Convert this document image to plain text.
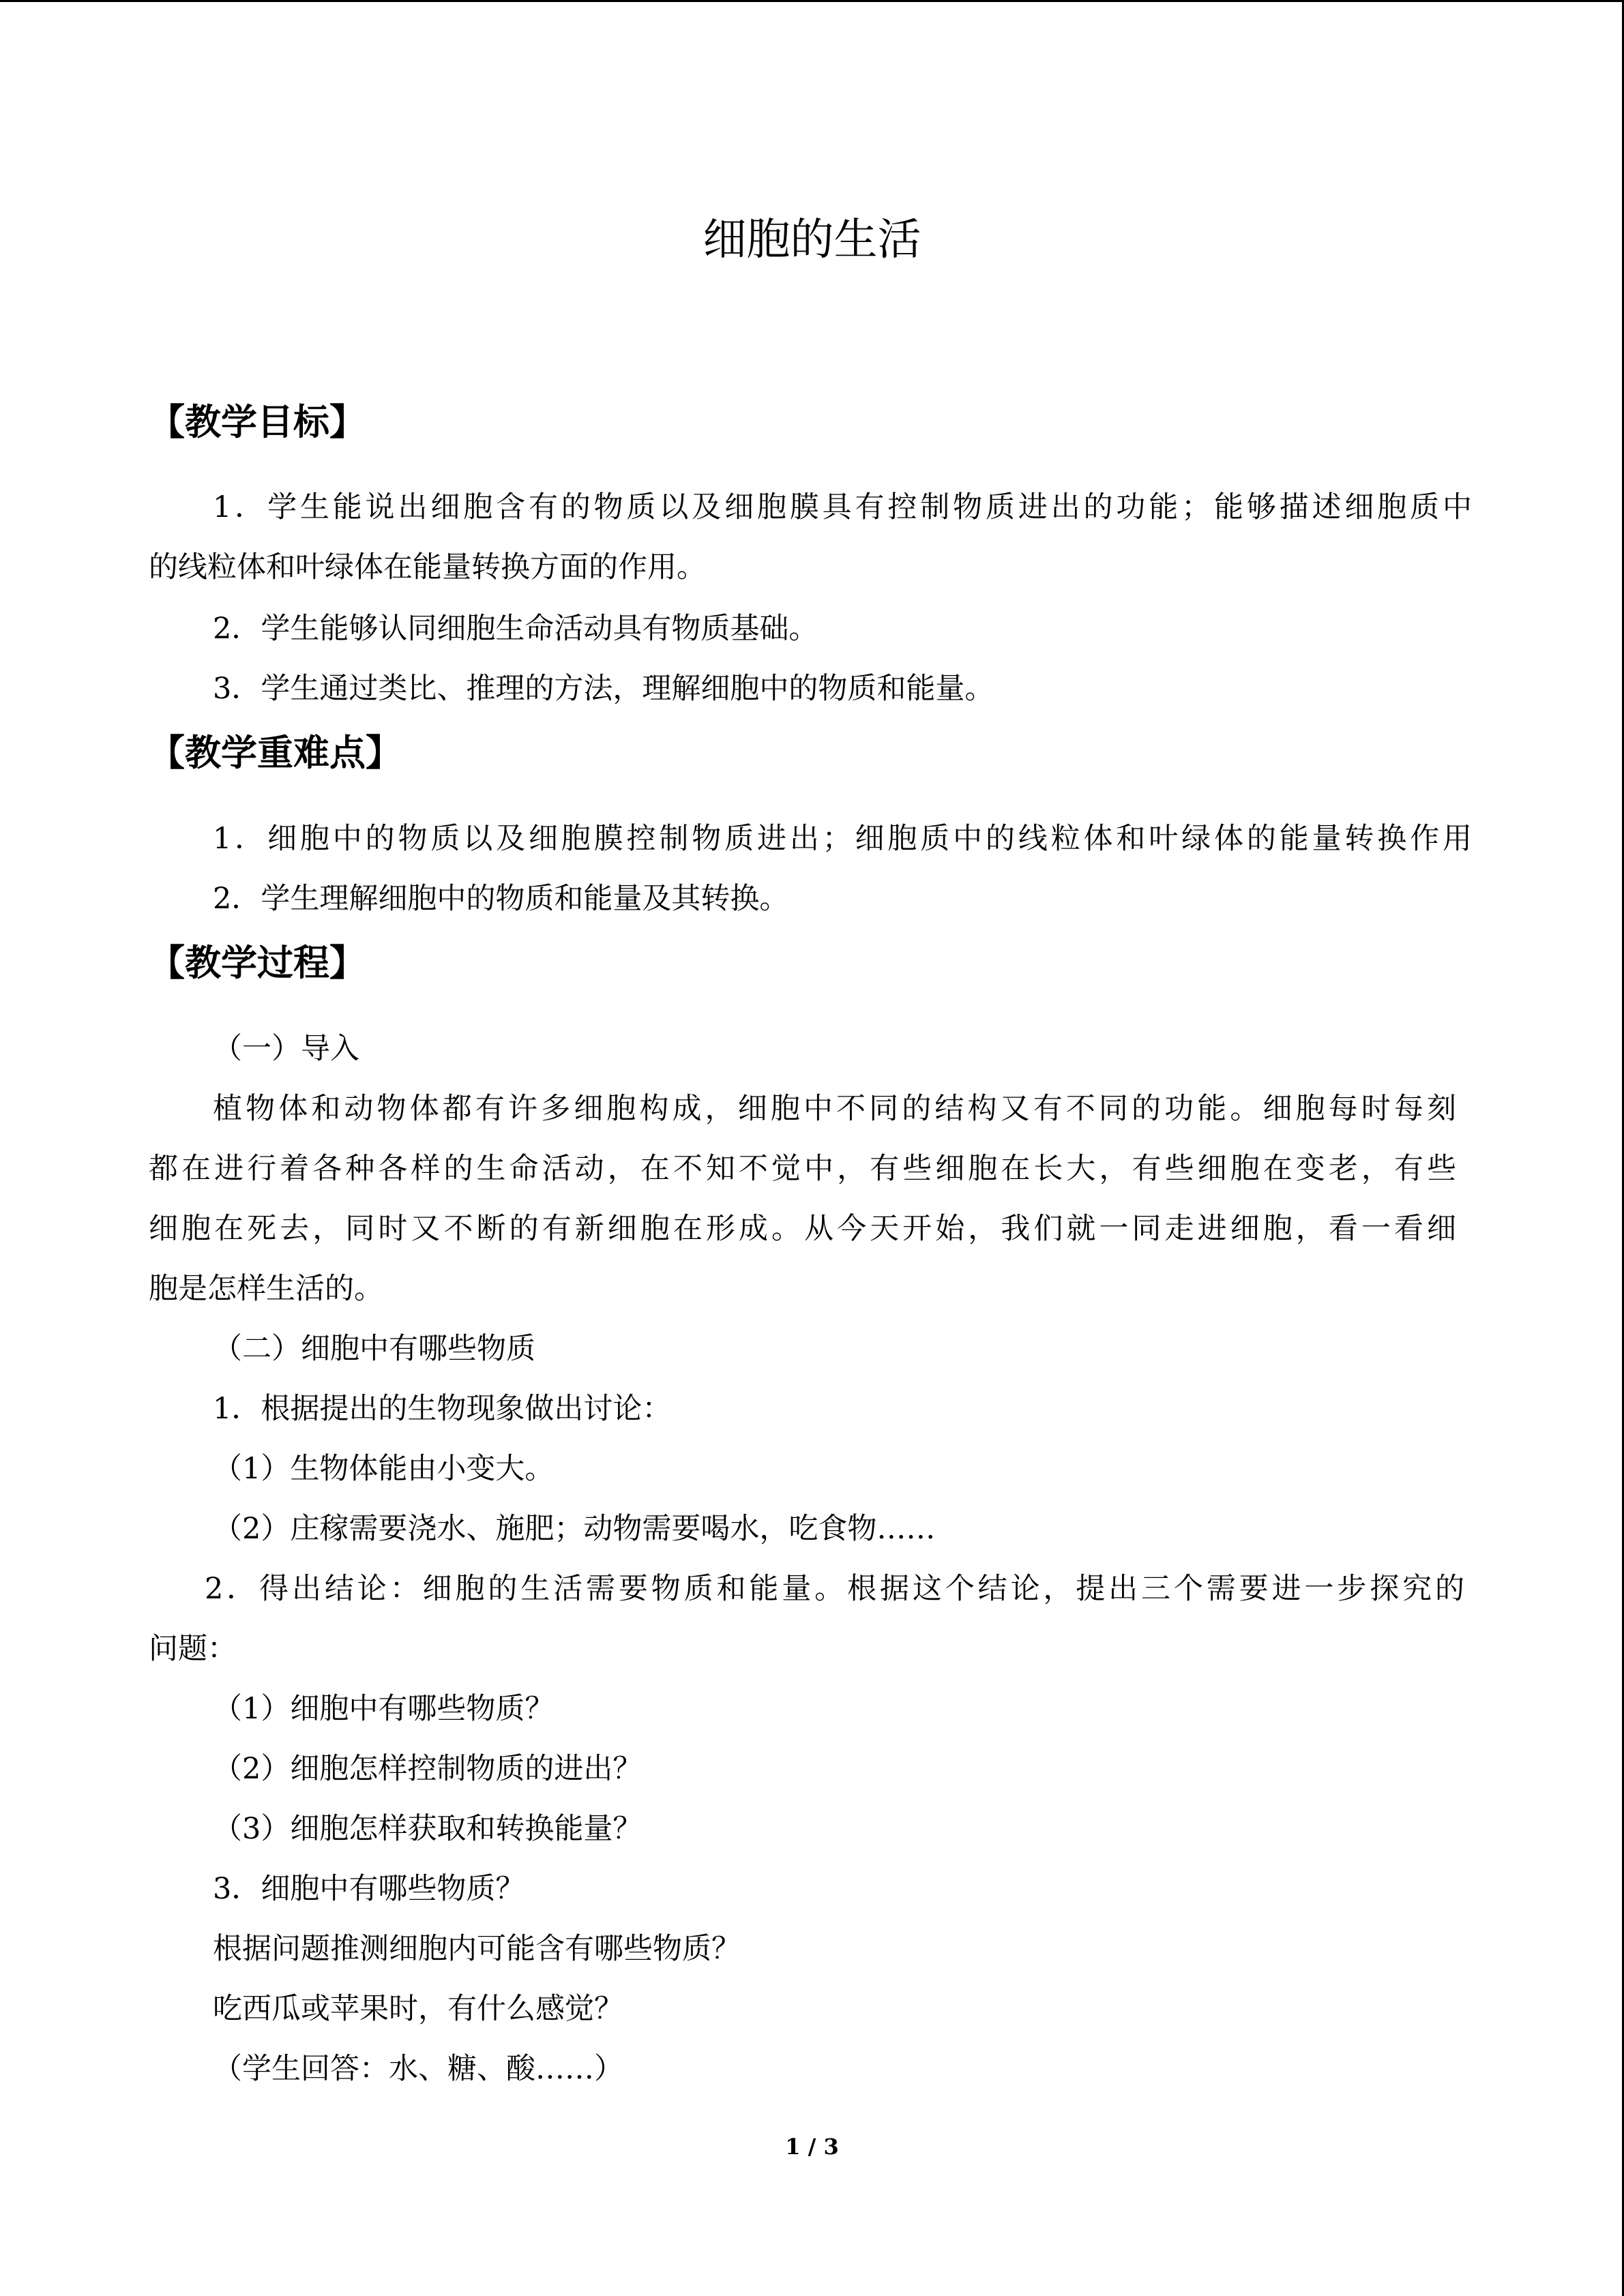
细胞的生活
【教学目标】
1．学生能说出细胞含有的物质以及细胞膜具有控制物质进出的功能；能够描述细胞质中
的线粒体和叶绿体在能量转换方面的作用。
2．学生能够认同细胞生命活动具有物质基础。
3．学生通过类比、推理的方法，理解细胞中的物质和能量。
【教学重难点】
1．细胞中的物质以及细胞膜控制物质进出；细胞质中的线粒体和叶绿体的能量转换作用
2．学生理解细胞中的物质和能量及其转换。
【教学过程】
（一）导入
植物体和动物体都有许多细胞构成，细胞中不同的结构又有不同的功能。细胞每时每刻
都在进行着各种各样的生命活动，在不知不觉中，有些细胞在长大，有些细胞在变老，有些
细胞在死去，同时又不断的有新细胞在形成。从今天开始，我们就一同走进细胞，看一看细
胞是怎样生活的。
（二）细胞中有哪些物质
1．根据提出的生物现象做出讨论：
（1）生物体能由小变大。
（2）庄稼需要浇水、施肥；动物需要喝水，吃食物……
2．得出结论：细胞的生活需要物质和能量。根据这个结论，提出三个需要进一步探究的
问题：
（1）细胞中有哪些物质？
（2）细胞怎样控制物质的进出？
（3）细胞怎样获取和转换能量？
3．细胞中有哪些物质？
根据问题推测细胞内可能含有哪些物质？
吃西瓜或苹果时，有什么感觉？
（学生回答：水、糖、酸……）
1 / 3
